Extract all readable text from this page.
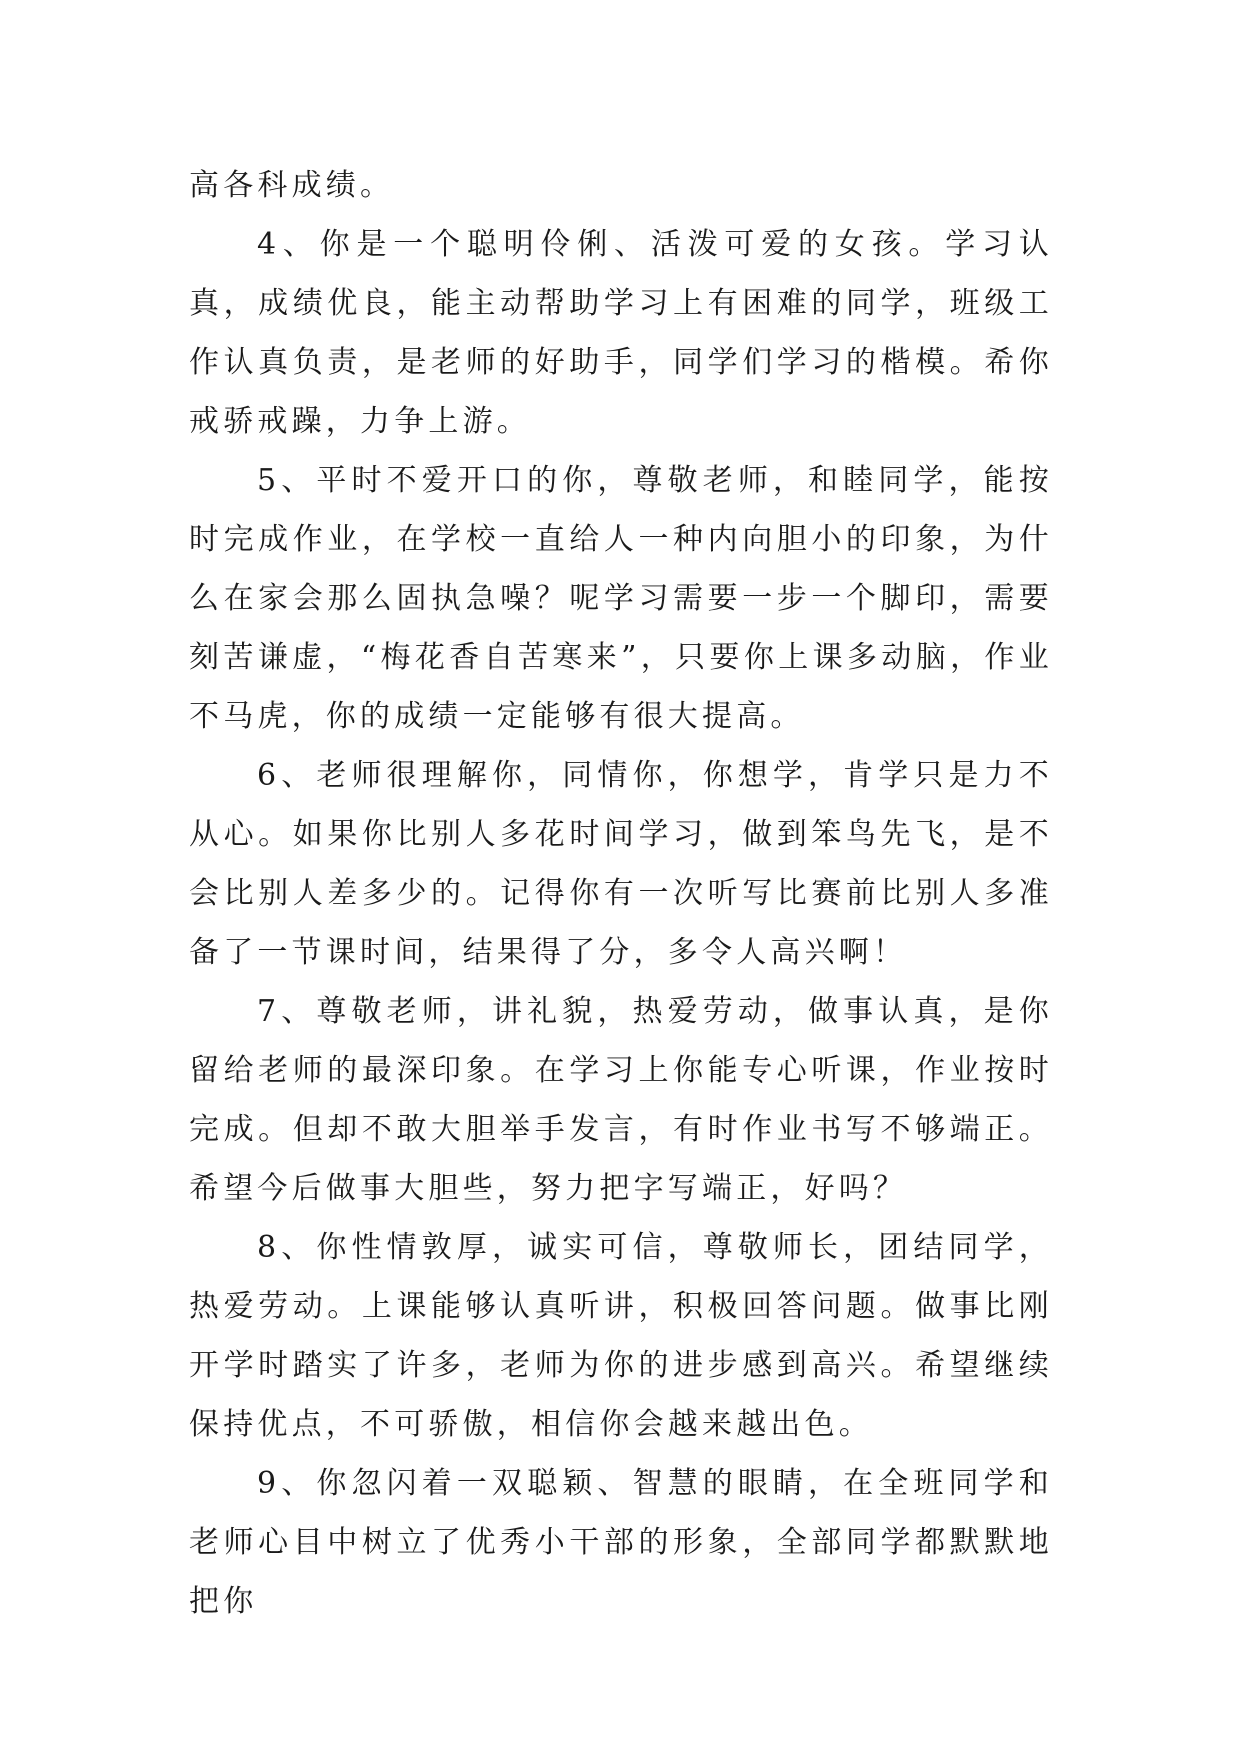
高各科成绩。

4、你是一个聪明伶俐、活泼可爱的女孩。学习认真，成绩优良，能主动帮助学习上有困难的同学，班级工作认真负责，是老师的好助手，同学们学习的楷模。希你戒骄戒躁，力争上游。

5、平时不爱开口的你，尊敬老师，和睦同学，能按时完成作业，在学校一直给人一种内向胆小的印象，为什么在家会那么固执急噪？呢学习需要一步一个脚印，需要刻苦谦虚，“梅花香自苦寒来”，只要你上课多动脑，作业不马虎，你的成绩一定能够有很大提高。

6、老师很理解你，同情你，你想学，肯学只是力不从心。如果你比别人多花时间学习，做到笨鸟先飞，是不会比别人差多少的。记得你有一次听写比赛前比别人多准备了一节课时间，结果得了分，多令人高兴啊！

7、尊敬老师，讲礼貌，热爱劳动，做事认真，是你留给老师的最深印象。在学习上你能专心听课，作业按时完成。但却不敢大胆举手发言，有时作业书写不够端正。希望今后做事大胆些，努力把字写端正，好吗？

8、你性情敦厚，诚实可信，尊敬师长，团结同学，热爱劳动。上课能够认真听讲，积极回答问题。做事比刚开学时踏实了许多，老师为你的进步感到高兴。希望继续保持优点，不可骄傲，相信你会越来越出色。

9、你忽闪着一双聪颖、智慧的眼睛，在全班同学和老师心目中树立了优秀小干部的形象，全部同学都默默地把你
